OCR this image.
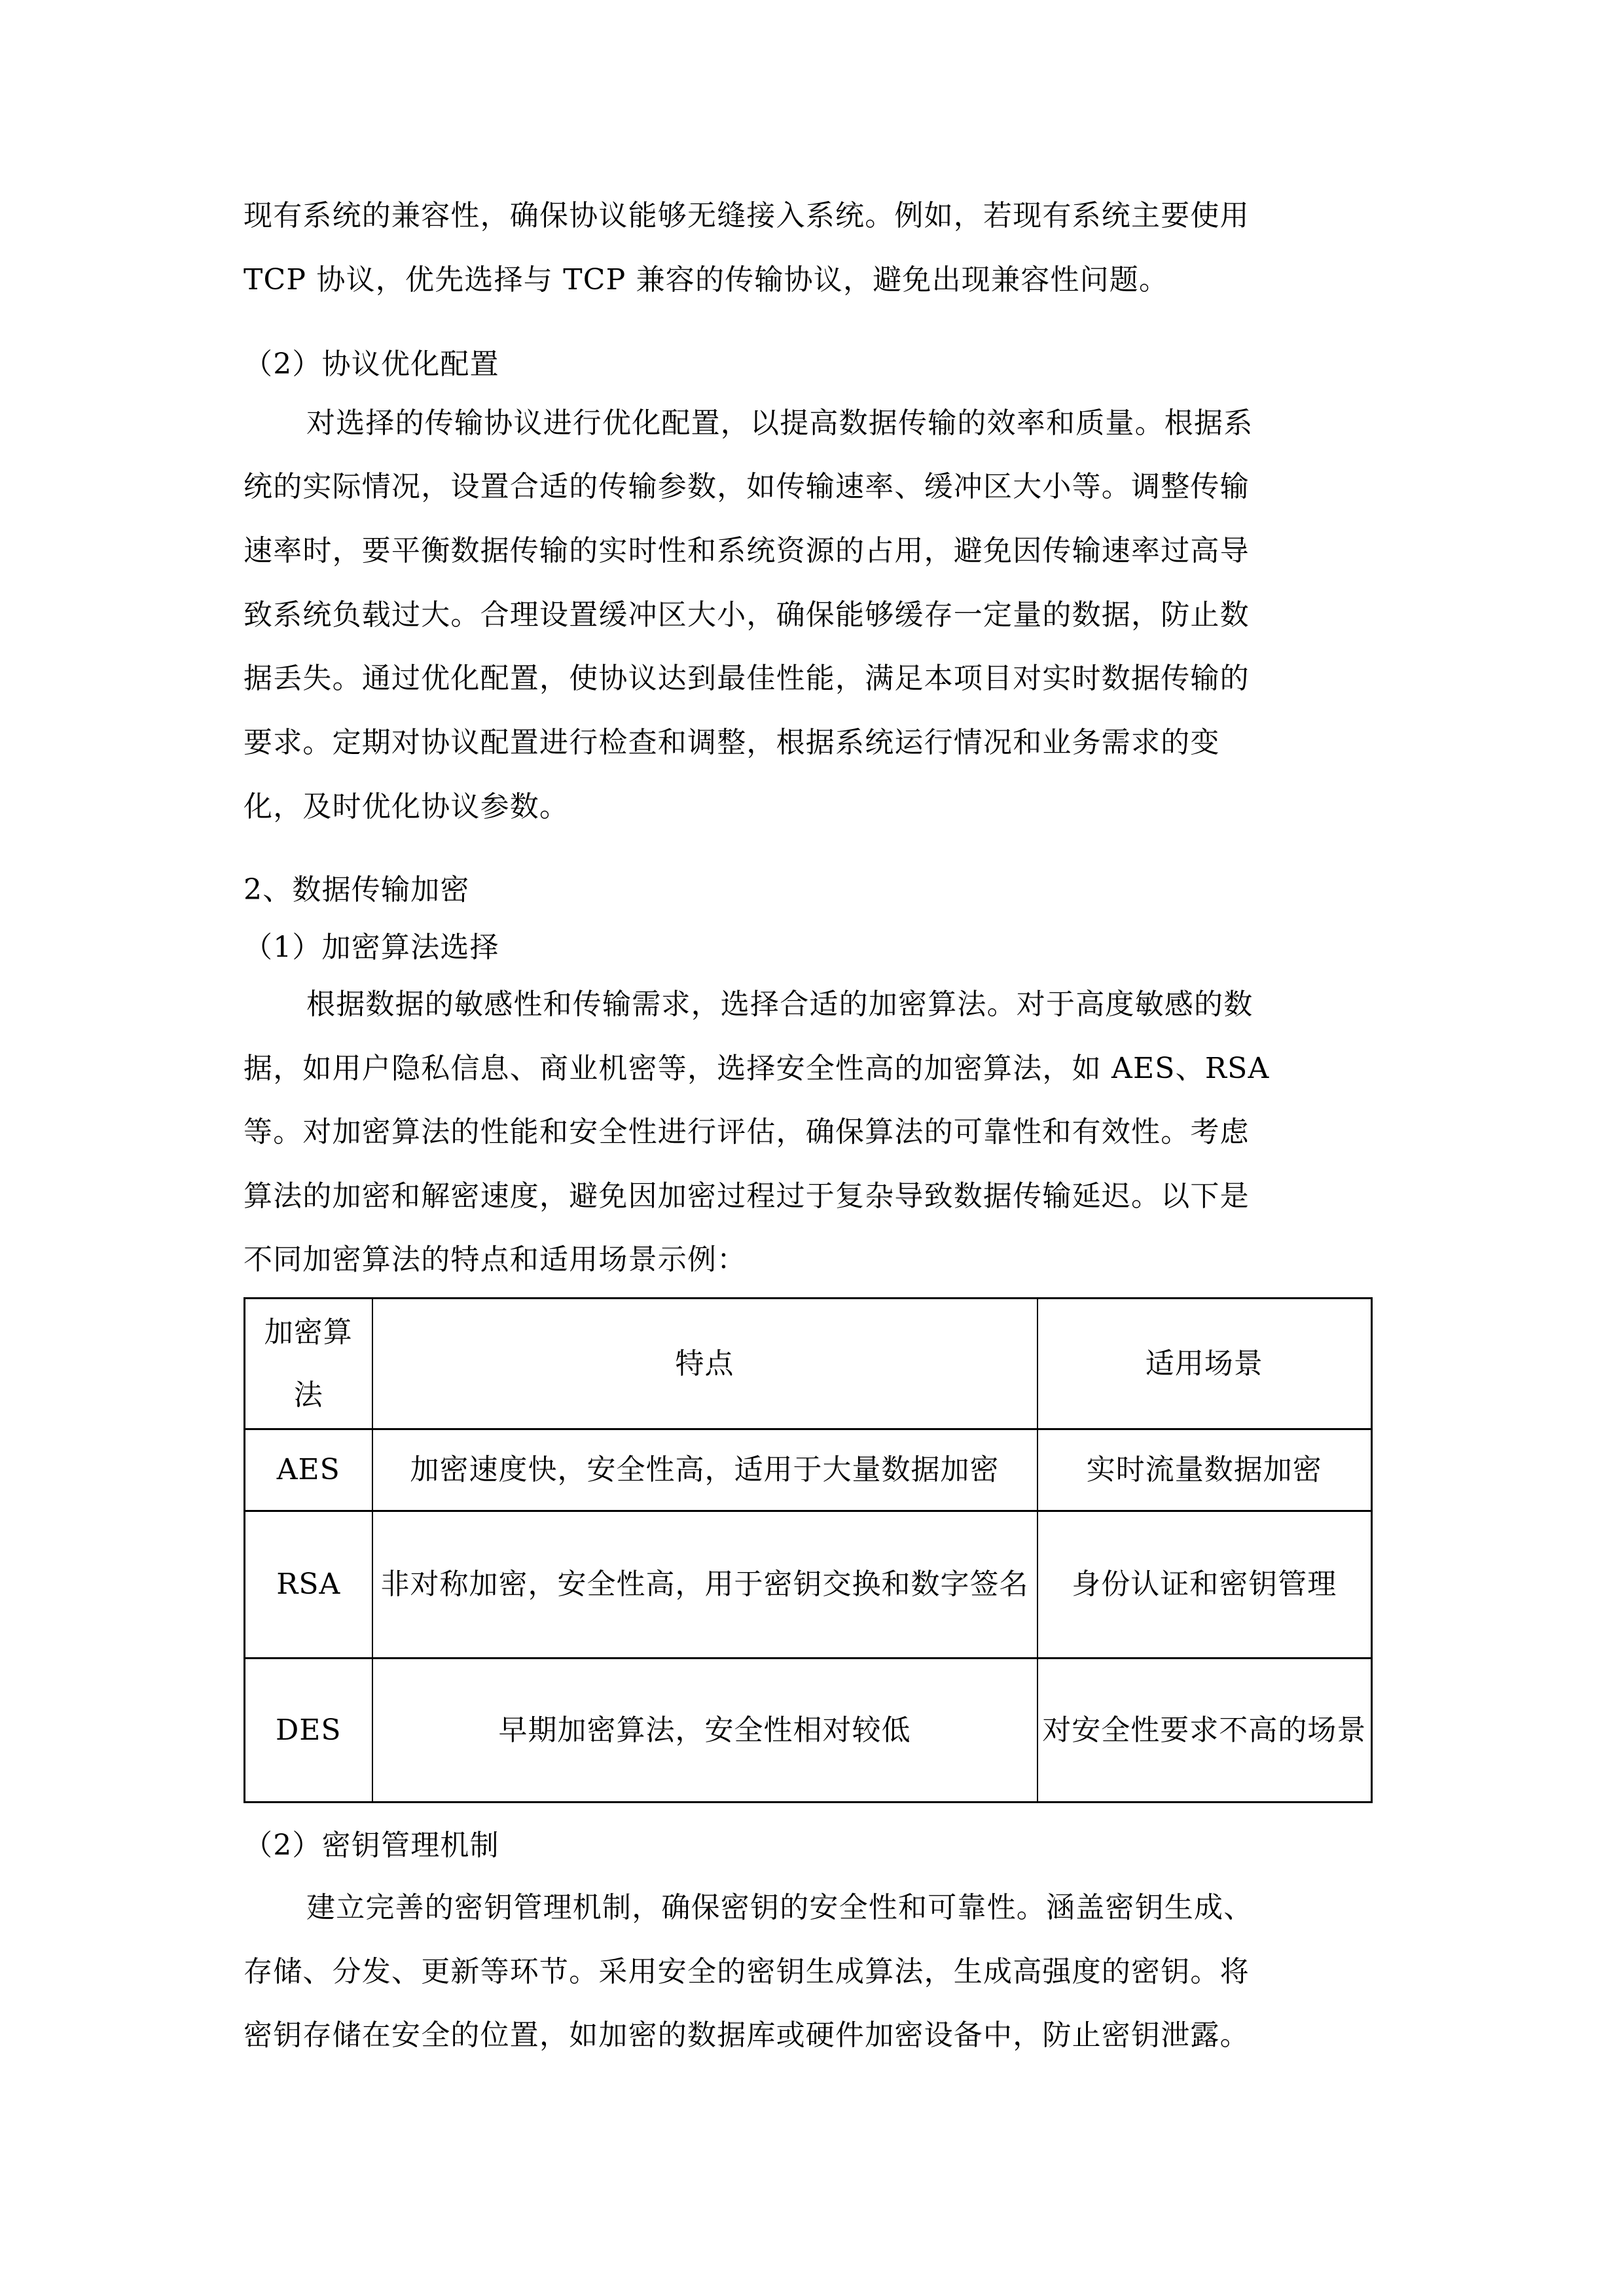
现有系统的兼容性，确保协议能够无缝接入系统。例如，若现有系统主要使用
TCP 协议，优先选择与 TCP 兼容的传输协议，避免出现兼容性问题。
（2）协议优化配置
对选择的传输协议进行优化配置，以提高数据传输的效率和质量。根据系
统的实际情况，设置合适的传输参数，如传输速率、缓冲区大小等。调整传输
速率时，要平衡数据传输的实时性和系统资源的占用，避免因传输速率过高导
致系统负载过大。合理设置缓冲区大小，确保能够缓存一定量的数据，防止数
据丢失。通过优化配置，使协议达到最佳性能，满足本项目对实时数据传输的
要求。定期对协议配置进行检查和调整，根据系统运行情况和业务需求的变
化，及时优化协议参数。
2、数据传输加密
（1）加密算法选择
根据数据的敏感性和传输需求，选择合适的加密算法。对于高度敏感的数
据，如用户隐私信息、商业机密等，选择安全性高的加密算法，如 AES、RSA
等。对加密算法的性能和安全性进行评估，确保算法的可靠性和有效性。考虑
算法的加密和解密速度，避免因加密过程过于复杂导致数据传输延迟。以下是
不同加密算法的特点和适用场景示例：
加密算法	特点	适用场景
AES	加密速度快，安全性高，适用于大量数据加密	实时流量数据加密
RSA	非对称加密，安全性高，用于密钥交换和数字签名	身份认证和密钥管理
DES	早期加密算法，安全性相对较低	对安全性要求不高的场景
（2）密钥管理机制
建立完善的密钥管理机制，确保密钥的安全性和可靠性。涵盖密钥生成、
存储、分发、更新等环节。采用安全的密钥生成算法，生成高强度的密钥。将
密钥存储在安全的位置，如加密的数据库或硬件加密设备中，防止密钥泄露。
